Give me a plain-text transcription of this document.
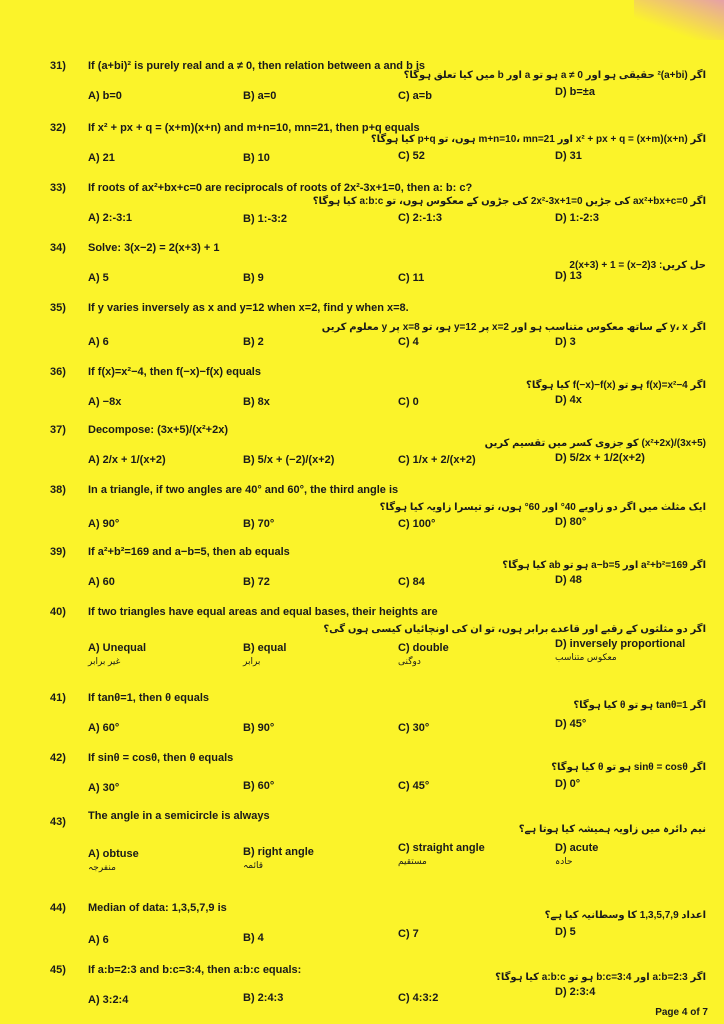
31) If (a+bi)² is purely real and a ≠ 0, then relation between a and b is
اگر (a+bi)² حقیقی ہو اور a ≠ 0 ہو تو a اور b میں کیا تعلق ہوگا؟
A) b=0	B) a=0	C) a=b	D) b=±a
32) If x² + px + q = (x+m)(x+n) and m+n=10, mn=21, then p+q equals
اگر x² + px + q = (x+m)(x+n) اور m+n=10، mn=21 ہوں، تو p+q کیا ہوگا؟
A) 21	B) 10	C) 52	D) 31
33) If roots of ax²+bx+c=0 are reciprocals of roots of 2x²-3x+1=0, then a: b: c?
اگر ax²+bx+c=0 کی جڑیں 2x²-3x+1=0 کی جڑوں کے معکوس ہوں، تو a:b:c کیا ہوگا؟
A) 2:-3:1	B) 1:-3:2	C) 2:-1:3	D) 1:-2:3
34) Solve: 3(x−2) = 2(x+3) + 1
حل کریں: 3(x−2) = 2(x+3) + 1
A) 5	B) 9	C) 11	D) 13
35) If y varies inversely as x and y=12 when x=2, find y when x=8.
اگر y، x کے ساتھ معکوس متناسب ہو اور x=2 پر y=12 ہو، تو x=8 پر y معلوم کریں
A) 6	B) 2	C) 4	D) 3
36) If f(x)=x²−4, then f(−x)−f(x) equals
اگر f(x)=x²−4 ہو تو f(−x)−f(x) کیا ہوگا؟
A) −8x	B) 8x	C) 0	D) 4x
37) Decompose: (3x+5)/(x²+2x)
(3x+5)/(x²+2x) کو جزوی کسر میں تقسیم کریں
A) 2/x + 1/(x+2)	B) 5/x + (−2)/(x+2)	C) 1/x + 2/(x+2)	D) 5/2x + 1/2(x+2)
38) In a triangle, if two angles are 40° and 60°, the third angle is
ایک مثلث میں اگر دو زاویے 40° اور 60° ہوں، تو تیسرا زاویہ کیا ہوگا؟
A) 90°	B) 70°	C) 100°	D) 80°
39) If a²+b²=169 and a−b=5, then ab equals
اگر a²+b²=169 اور a−b=5 ہو تو ab کیا ہوگا؟
A) 60	B) 72	C) 84	D) 48
40) If two triangles have equal areas and equal bases, their heights are
اگر دو مثلثوں کے رقبے اور قاعدے برابر ہوں، تو ان کی اونچائیاں کیسی ہوں گی؟
A) Unequal
غیر برابر
B) equal
برابر
C) double
دوگنی
D) inversely proportional
معکوس متناسب
41) If tanθ=1, then θ equals
اگر tanθ=1 ہو تو θ کیا ہوگا؟
A) 60°	B) 90°	C) 30°	D) 45°
42) If sinθ = cosθ, then θ equals
اگر sinθ = cosθ ہو تو θ کیا ہوگا؟
A) 30°	B) 60°	C) 45°	D) 0°
43) The angle in a semicircle is always
نیم دائرہ میں زاویہ ہمیشہ کیا ہوتا ہے؟
A) obtuse
منفرجہ
B) right angle
قائمہ
C) straight angle
مستقیم
D) acute
حادہ
44) Median of data: 1,3,5,7,9 is
اعداد 1,3,5,7,9 کا وسطانیہ کیا ہے؟
A) 6	B) 4	C) 7	D) 5
45) If a:b=2:3 and b:c=3:4, then a:b:c equals:
اگر a:b=2:3 اور b:c=3:4 ہو تو a:b:c کیا ہوگا؟
A) 3:2:4	B) 2:4:3	C) 4:3:2	D) 2:3:4
Page 4 of 7
